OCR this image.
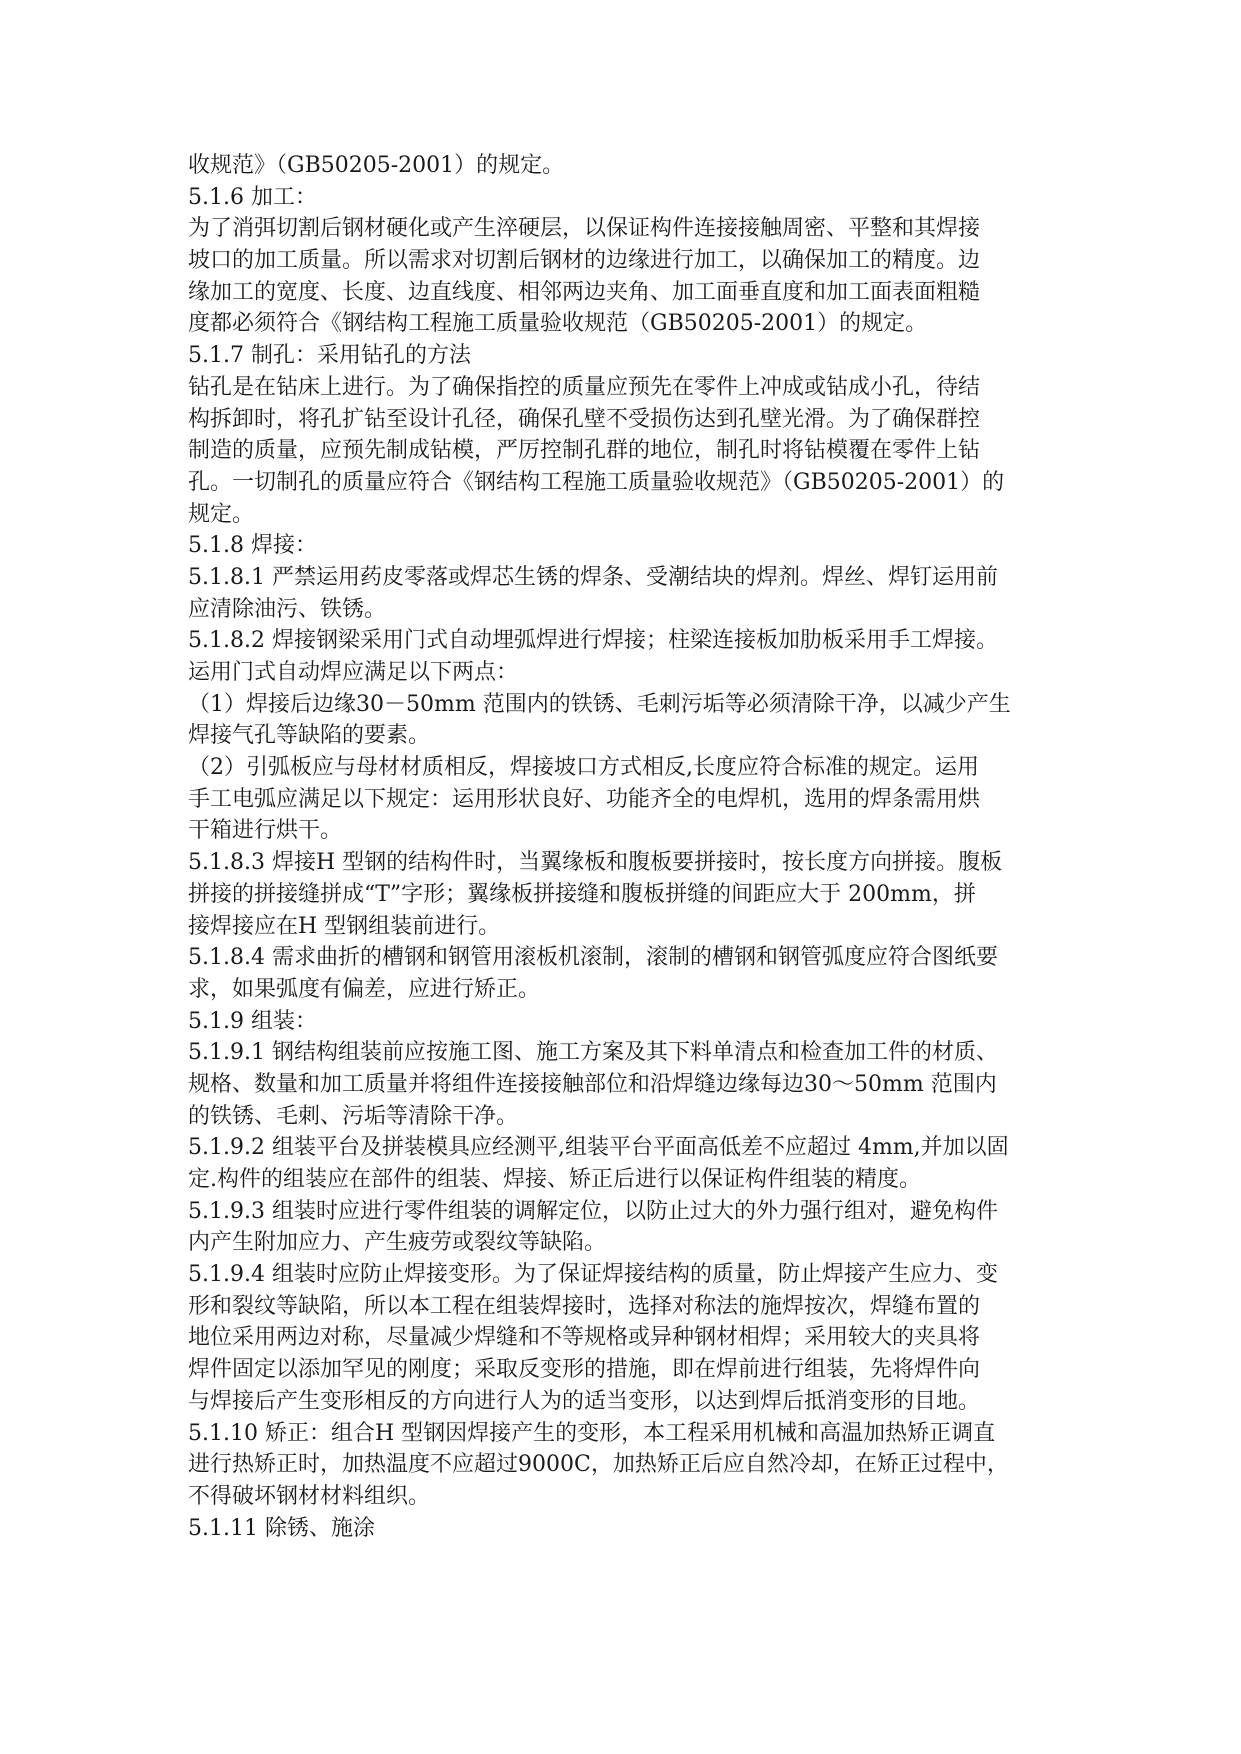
收规范》（GB50205-2001）的规定。
5.1.6 加工：
为了消弭切割后钢材硬化或产生淬硬层，以保证构件连接接触周密、平整和其焊接
坡口的加工质量。所以需求对切割后钢材的边缘进行加工，以确保加工的精度。边
缘加工的宽度、长度、边直线度、相邻两边夹角、加工面垂直度和加工面表面粗糙
度都必须符合《钢结构工程施工质量验收规范（GB50205-2001）的规定。
5.1.7 制孔：采用钻孔的方法
钻孔是在钻床上进行。为了确保指控的质量应预先在零件上冲成或钻成小孔，待结
构拆卸时，将孔扩钻至设计孔径，确保孔壁不受损伤达到孔壁光滑。为了确保群控
制造的质量，应预先制成钻模，严厉控制孔群的地位，制孔时将钻模覆在零件上钻
孔。一切制孔的质量应符合《钢结构工程施工质量验收规范》（GB50205-2001）的
规定。
5.1.8 焊接：
5.1.8.1 严禁运用药皮零落或焊芯生锈的焊条、受潮结块的焊剂。焊丝、焊钉运用前
应清除油污、铁锈。
5.1.8.2 焊接钢梁采用门式自动埋弧焊进行焊接；柱梁连接板加肋板采用手工焊接。
运用门式自动焊应满足以下两点：
（1）焊接后边缘30－50mm 范围内的铁锈、毛刺污垢等必须清除干净，以减少产生
焊接气孔等缺陷的要素。
（2）引弧板应与母材材质相反，焊接坡口方式相反,长度应符合标准的规定。运用
手工电弧应满足以下规定：运用形状良好、功能齐全的电焊机，选用的焊条需用烘
干箱进行烘干。
5.1.8.3 焊接H 型钢的结构件时，当翼缘板和腹板要拼接时，按长度方向拼接。腹板
拼接的拼接缝拼成“T”字形；翼缘板拼接缝和腹板拼缝的间距应大于 200mm，拼
接焊接应在H 型钢组装前进行。
5.1.8.4 需求曲折的槽钢和钢管用滚板机滚制，滚制的槽钢和钢管弧度应符合图纸要
求，如果弧度有偏差，应进行矫正。
5.1.9 组装：
5.1.9.1 钢结构组装前应按施工图、施工方案及其下料单清点和检查加工件的材质、
规格、数量和加工质量并将组件连接接触部位和沿焊缝边缘每边30～50mm 范围内
的铁锈、毛刺、污垢等清除干净。
5.1.9.2 组装平台及拼装模具应经测平,组装平台平面高低差不应超过 4mm,并加以固
定.构件的组装应在部件的组装、焊接、矫正后进行以保证构件组装的精度。
5.1.9.3 组装时应进行零件组装的调解定位，以防止过大的外力强行组对，避免构件
内产生附加应力、产生疲劳或裂纹等缺陷。
5.1.9.4 组装时应防止焊接变形。为了保证焊接结构的质量，防止焊接产生应力、变
形和裂纹等缺陷，所以本工程在组装焊接时，选择对称法的施焊按次，焊缝布置的
地位采用两边对称，尽量减少焊缝和不等规格或异种钢材相焊；采用较大的夹具将
焊件固定以添加罕见的刚度；采取反变形的措施，即在焊前进行组装，先将焊件向
与焊接后产生变形相反的方向进行人为的适当变形，以达到焊后抵消变形的目地。
5.1.10 矫正：组合H 型钢因焊接产生的变形，本工程采用机械和高温加热矫正调直
进行热矫正时，加热温度不应超过9000C，加热矫正后应自然冷却，在矫正过程中，
不得破坏钢材材料组织。
5.1.11 除锈、施涂
